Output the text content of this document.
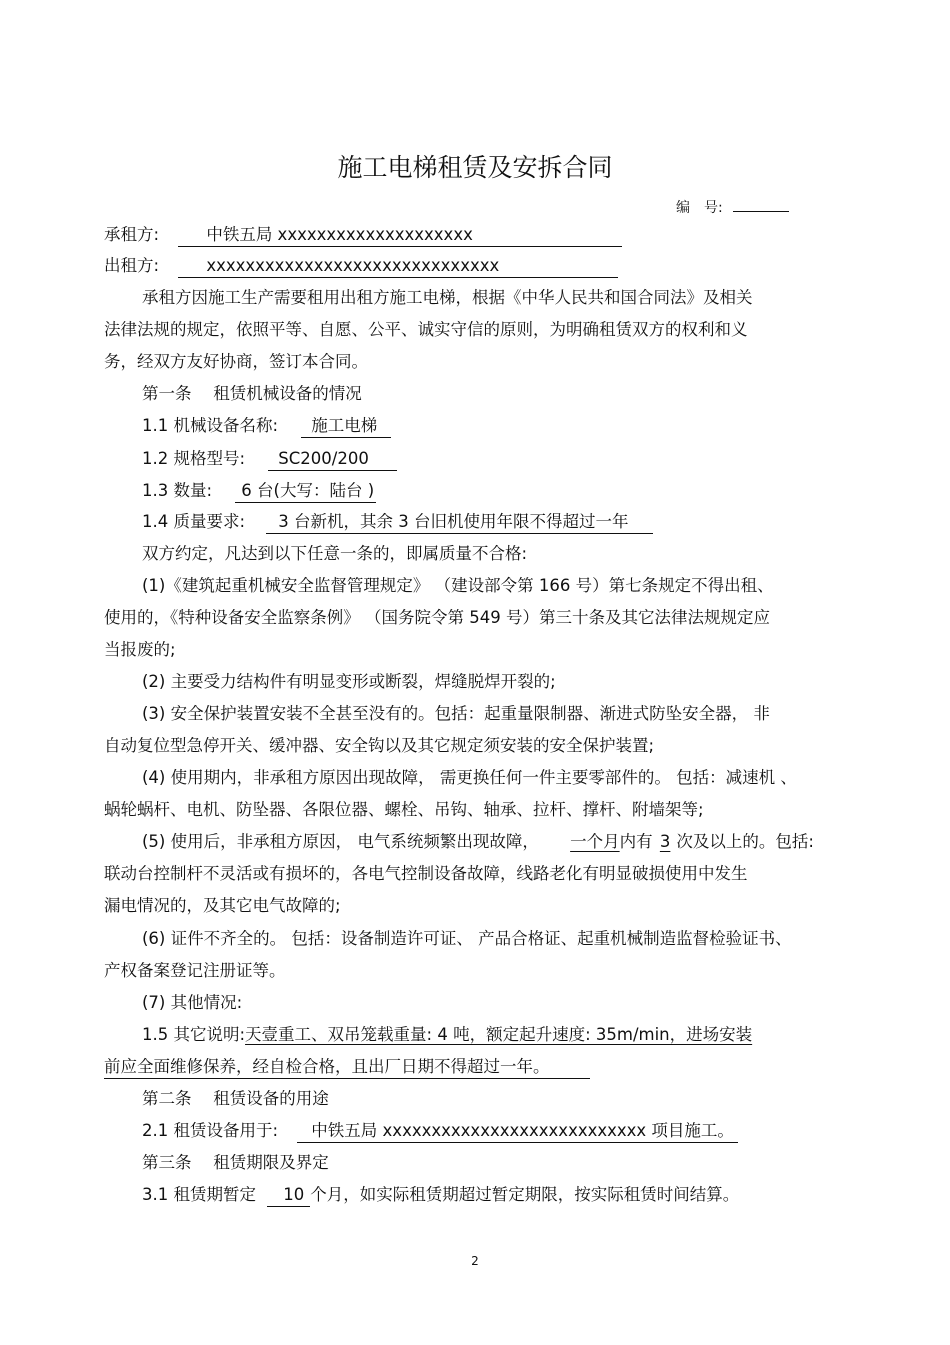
施工电梯租赁及安拆合同
编　号:
承租方:	中铁五局 xxxxxxxxxxxxxxxxxxxx
出租方:	xxxxxxxxxxxxxxxxxxxxxxxxxxxxxx
承租方因施工生产需要租用出租方施工电梯，根据《中华人民共和国合同法》及相关
法律法规的规定，依照平等、自愿、公平、诚实守信的原则，为明确租赁双方的权利和义
务，经双方友好协商，签订本合同。
第一条　 租赁机械设备的情况
1.1 机械设备名称: 施工电梯
1.2 规格型号: SC200/200
1.3 数量: 6 台(大写：陆台 )
1.4 质量要求: 3 台新机，其余 3 台旧机使用年限不得超过一年
双方约定，凡达到以下任意一条的，即属质量不合格:
(1)《建筑起重机械安全监督管理规定》 （建设部令第 166 号）第七条规定不得出租、
使用的，《特种设备安全监察条例》 （国务院令第 549 号）第三十条及其它法律法规规定应
当报废的;
(2) 主要受力结构件有明显变形或断裂，焊缝脱焊开裂的;
(3) 安全保护装置安装不全甚至没有的。包括：起重量限制器、渐进式防坠安全器， 非
自动复位型急停开关、缓冲器、安全钩以及其它规定须安装的安全保护装置;
(4) 使用期内，非承租方原因出现故障， 需更换任何一件主要零部件的。 包括：减速机 、
蜗轮蜗杆、电机、防坠器、各限位器、螺栓、吊钩、轴承、拉杆、撑杆、附墙架等;
(5) 使用后，非承租方原因， 电气系统频繁出现故障， 一个月内有 3 次及以上的。包括:
联动台控制杆不灵活或有损坏的，各电气控制设备故障，线路老化有明显破损使用中发生
漏电情况的，及其它电气故障的;
(6) 证件不齐全的。 包括：设备制造许可证、 产品合格证、起重机械制造监督检验证书、
产权备案登记注册证等。
(7) 其他情况:
1.5 其它说明:天壹重工、双吊笼载重量: 4 吨，额定起升速度: 35m/min，进场安装
前应全面维修保养，经自检合格，且出厂日期不得超过一年。
第二条　 租赁设备的用途
2.1 租赁设备用于: 中铁五局 xxxxxxxxxxxxxxxxxxxxxxxxxxx 项目施工。
第三条　 租赁期限及界定
3.1 租赁期暂定 10 个月，如实际租赁期超过暂定期限，按实际租赁时间结算。
2
